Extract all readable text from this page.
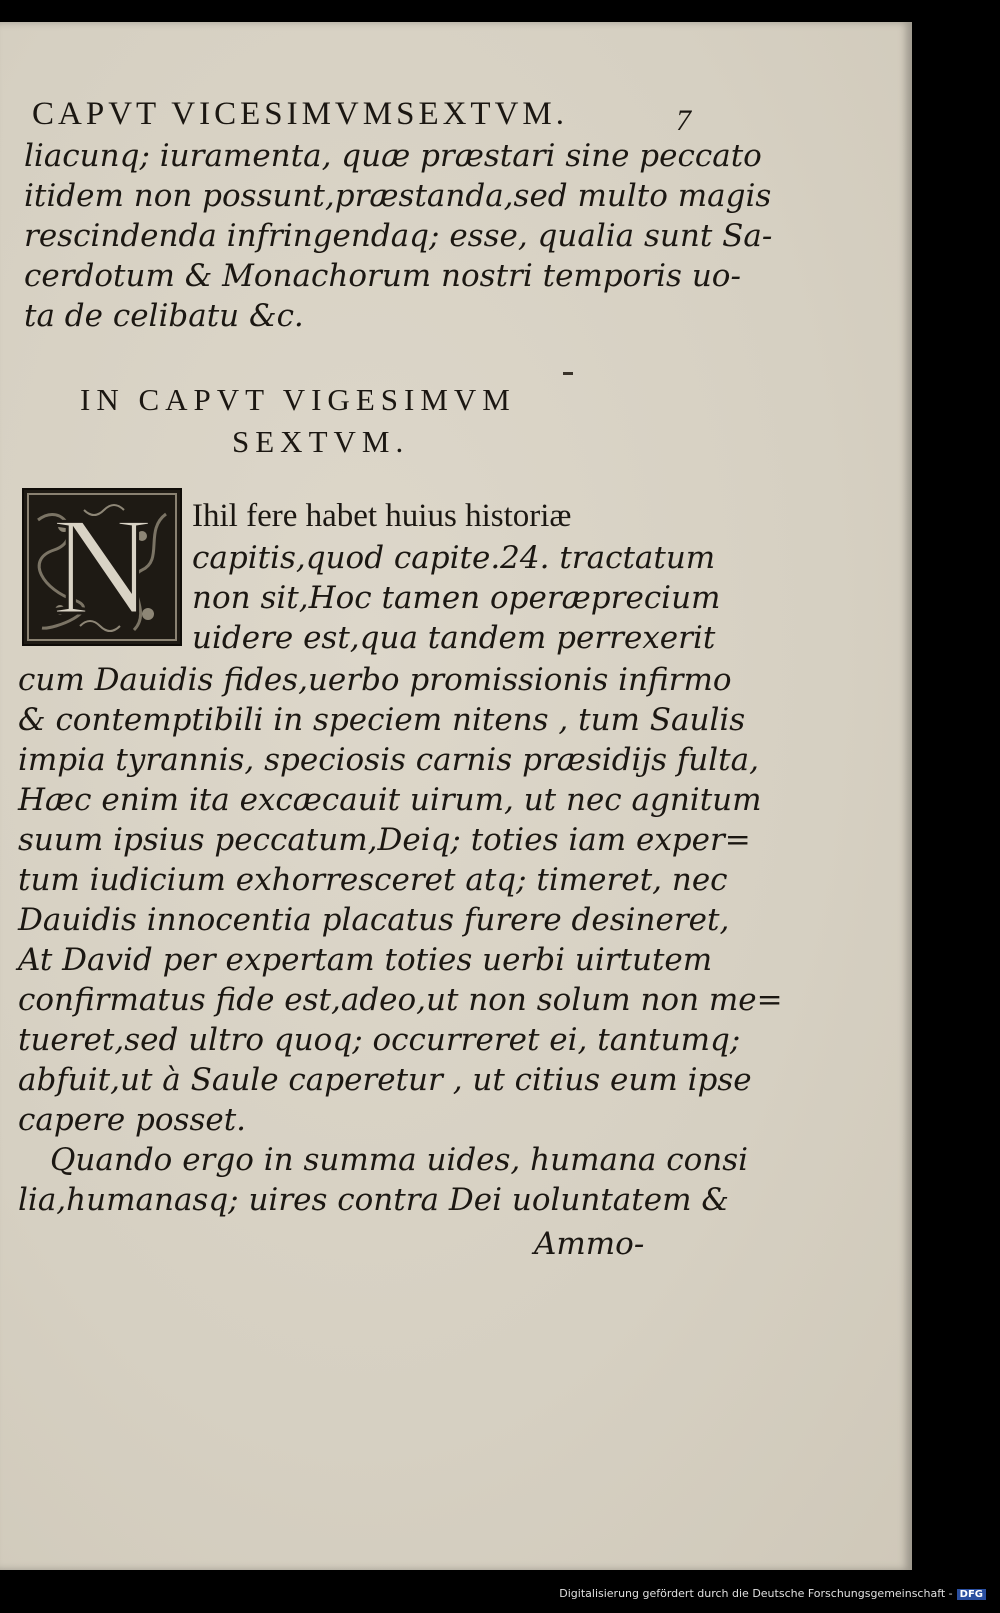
CAPVT VICESIMVMSEXTVM.	7
liacunq; iuramenta, quæ præstari sine peccato
itidem non possunt,præstanda,sed multo magis
rescindenda infringendaq; esse, qualia sunt Sa-
cerdotum & Monachorum nostri temporis uo-
ta de celibatu &c.
IN CAPVT VIGESIMVM
SEXTVM.
N	Ihil fere habet huius historiæ
capitis,quod capite.24. tractatum
non sit,Hoc tamen operæprecium
uidere est,qua tandem perrexerit
cum Dauidis fides,uerbo promissionis infirmo
& contemptibili in speciem nitens , tum Saulis
impia tyrannis, speciosis carnis præsidijs fulta,
Hæc enim ita excæcauit uirum, ut nec agnitum
suum ipsius peccatum,Deiq; toties iam exper=
tum iudicium exhorresceret atq; timeret, nec
Dauidis innocentia placatus furere desineret,
At David per expertam toties uerbi uirtutem
confirmatus fide est,adeo,ut non solum non me=
tueret,sed ultro quoq; occurreret ei, tantumq;
abfuit,ut à Saule caperetur , ut citius eum ipse
capere posset.
Quando ergo in summa uides, humana consi
lia,humanasq; uires contra Dei uoluntatem &
Ammo-
Digitalisierung gefördert durch die Deutsche Forschungsgemeinschaft - DFG
